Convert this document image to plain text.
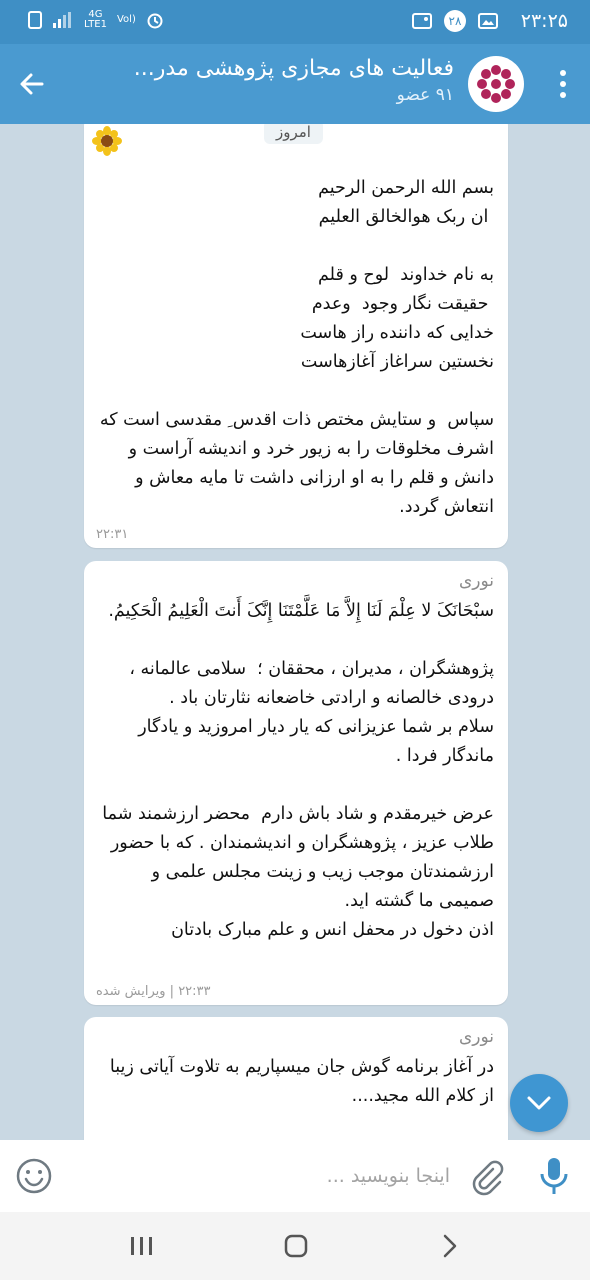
4G
LTE1 Vol)	۲۸	۲۳:۲۵
فعالیت های مجازی پژوهشی مدر...
۹۱ عضو
امروز
بسم الله الرحمن الرحیم
ان ربک هوالخالق العلیم

به نام خداوند  لوح و قلم
حقیقت نگار وجود  وعدم
خدایی که داننده راز هاست
نخستین سراغاز آغازهاست

سپاس  و ستایش مختص ذات اقدس ِ مقدسی است که اشرف مخلوقات را به زیور خرد و اندیشه آراست و دانش و قلم را به او ارزانی داشت تا مایه معاش و انتعاش گردد.
۲۲:۳۱
نوری
سبْحَانَکَ لا عِلْمَ لَنَا إِلاَّ مَا عَلَّمْتَنَا إِنَّکَ أَنتَ الْعَلِیمُ الْحَکِیمُ.

پژوهشگران ، مدیران ، محققان ؛  سلامی عالمانه ، درودی خالصانه و ارادتی خاضعانه نثارتان باد .
سلام بر شما عزیزانی که یار دیار امروزید و یادگار ماندگار فردا .

عرض خیرمقدم و شاد باش دارم  محضر ارزشمند شما طلاب عزیز ، پژوهشگران و اندیشمندان . که با حضور ارزشمندتان موجب زیب و زینت مجلس علمی و صمیمی ما گشته اید.
اذن دخول در محفل انس و علم مبارک بادتان
۲۲:۳۳ | ویرایش شده
نوری
در آغاز برنامه گوش جان میسپاریم به تلاوت آیاتی زیبا از کلام الله مجید....
اینجا بنویسید ...
